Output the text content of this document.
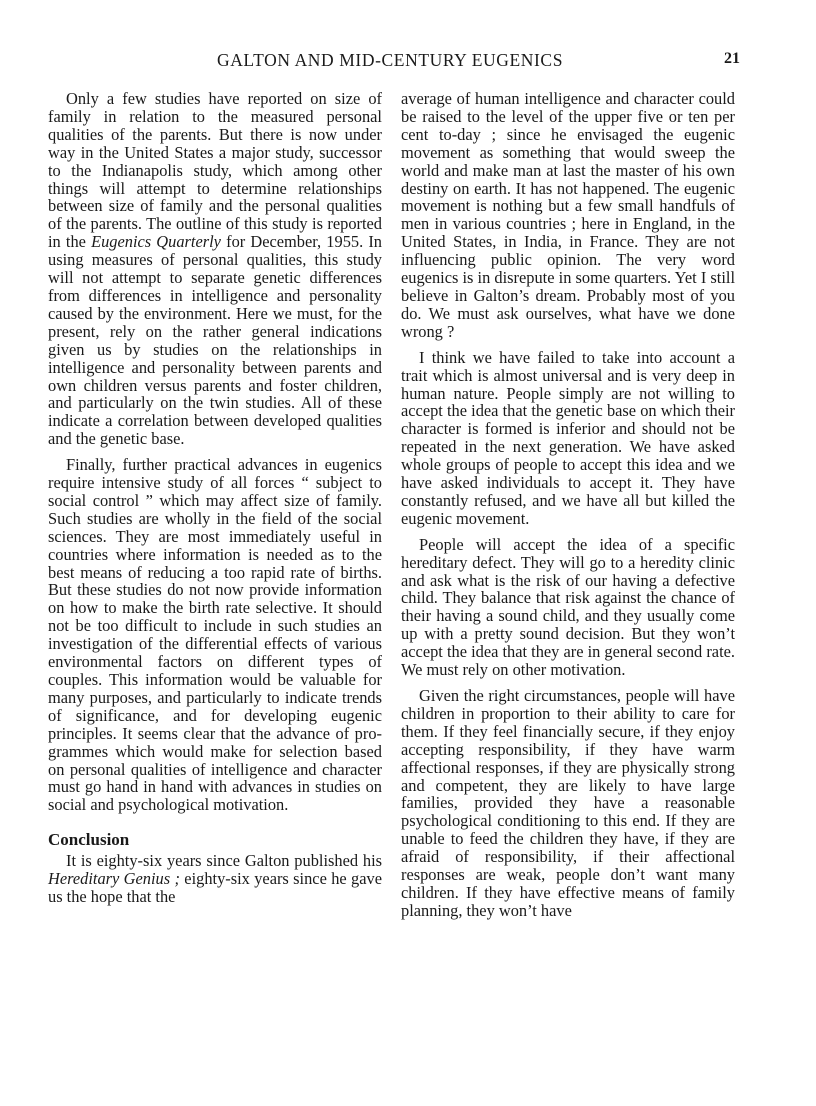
GALTON AND MID-CENTURY EUGENICS	21

Only a few studies have reported on size of family in relation to the measured personal qualities of the parents. But there is now under way in the United States a major study, successor to the Indianapolis study, which among other things will attempt to determine relationships between size of family and the personal qualities of the parents. The outline of this study is reported in the Eugenics Quarterly for December, 1955. In using measures of personal qualities, this study will not attempt to separate genetic differences from differences in intelligence and personality caused by the environment. Here we must, for the present, rely on the rather general indications given us by studies on the relationships in intelligence and personality between parents and own children versus parents and foster children, and particularly on the twin studies. All of these indicate a correlation between developed qualities and the genetic base.

Finally, further practical advances in eugenics require intensive study of all forces “ subject to social control ” which may affect size of family. Such studies are wholly in the field of the social sciences. They are most immediately useful in countries where information is needed as to the best means of reducing a too rapid rate of births. But these studies do not now provide information on how to make the birth rate selective. It should not be too difficult to include in such studies an investigation of the differential effects of various environmental factors on different types of couples. This information would be valuable for many purposes, and particularly to indicate trends of significance, and for developing eugenic principles. It seems clear that the advance of programmes which would make for selection based on personal qualities of intelligence and character must go hand in hand with advances in studies on social and psychological motivation.

Conclusion

It is eighty-six years since Galton published his Hereditary Genius ; eighty-six years since he gave us the hope that the

average of human intelligence and character could be raised to the level of the upper five or ten per cent to-day ; since he envisaged the eugenic movement as something that would sweep the world and make man at last the master of his own destiny on earth. It has not happened. The eugenic movement is nothing but a few small handfuls of men in various countries ; here in England, in the United States, in India, in France. They are not influencing public opinion. The very word eugenics is in disrepute in some quarters. Yet I still believe in Galton’s dream. Probably most of you do. We must ask ourselves, what have we done wrong ?

I think we have failed to take into account a trait which is almost universal and is very deep in human nature. People simply are not willing to accept the idea that the genetic base on which their character is formed is inferior and should not be repeated in the next generation. We have asked whole groups of people to accept this idea and we have asked individuals to accept it. They have constantly refused, and we have all but killed the eugenic movement.

People will accept the idea of a specific hereditary defect. They will go to a heredity clinic and ask what is the risk of our having a defective child. They balance that risk against the chance of their having a sound child, and they usually come up with a pretty sound decision. But they won’t accept the idea that they are in general second rate. We must rely on other motivation.

Given the right circumstances, people will have children in proportion to their ability to care for them. If they feel financially secure, if they enjoy accepting responsibility, if they have warm affectional responses, if they are physically strong and competent, they are likely to have large families, provided they have a reasonable psychological conditioning to this end. If they are unable to feed the children they have, if they are afraid of responsibility, if their affectional responses are weak, people don’t want many children. If they have effective means of family planning, they won’t have
